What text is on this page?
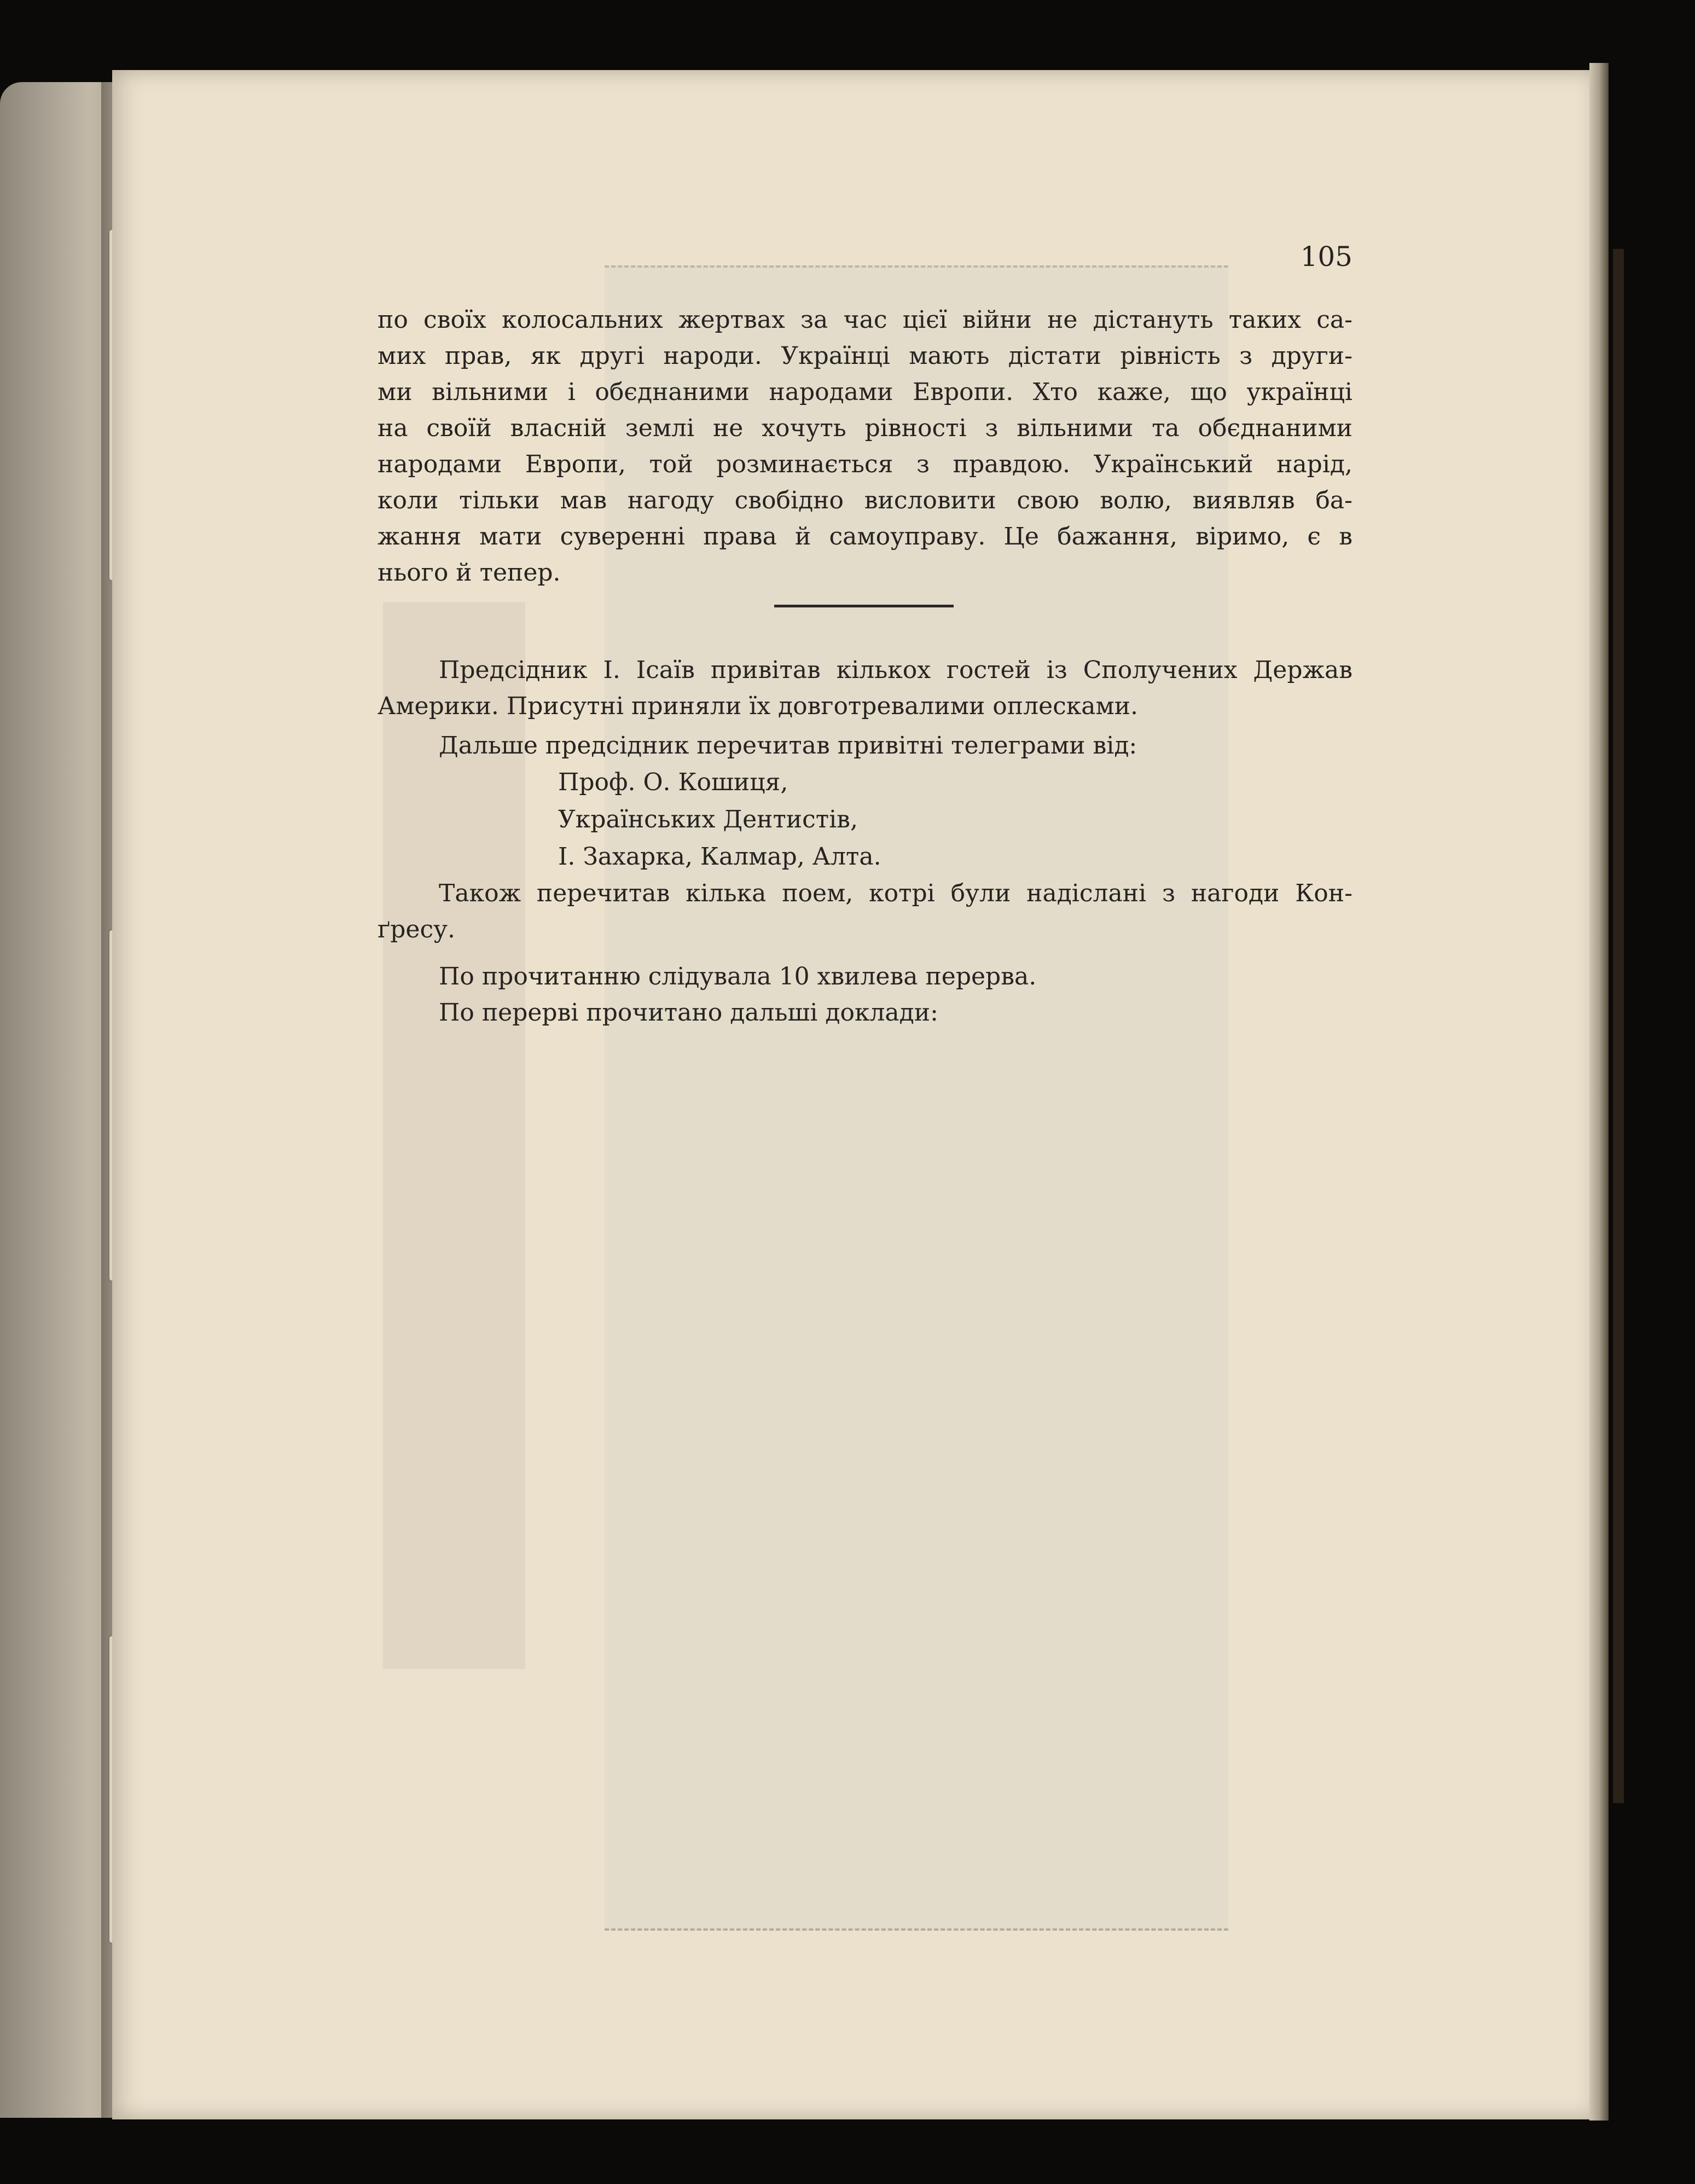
105
по своїх колосальних жертвах за час цієї війни не дістануть таких са-
мих прав, як другі народи. Українці мають дістати рівність з други-
ми вільними і обєднаними народами Европи. Хто каже, що українці
на своїй власній землі не хочуть рівності з вільними та обєднаними
народами Европи, той розминається з правдою. Український нарід,
коли тільки мав нагоду свобідно висловити свою волю, виявляв ба-
жання мати суверенні права й самоуправу. Це бажання, віримо, є в
нього й тепер.
Предсідник І. Ісаїв привітав кількох гостей із Сполучених Держав
Америки. Присутні приняли їх довготревалими оплесками.
Дальше предсідник перечитав привітні телеграми від:
Проф. О. Кошиця,
Українських Дентистів,
І. Захарка, Калмар, Алта.
Також перечитав кілька поем, котрі були надіслані з нагоди Кон-
ґресу.
По прочитанню слідувала 10 хвилева перерва.
По перерві прочитано дальші доклади:
